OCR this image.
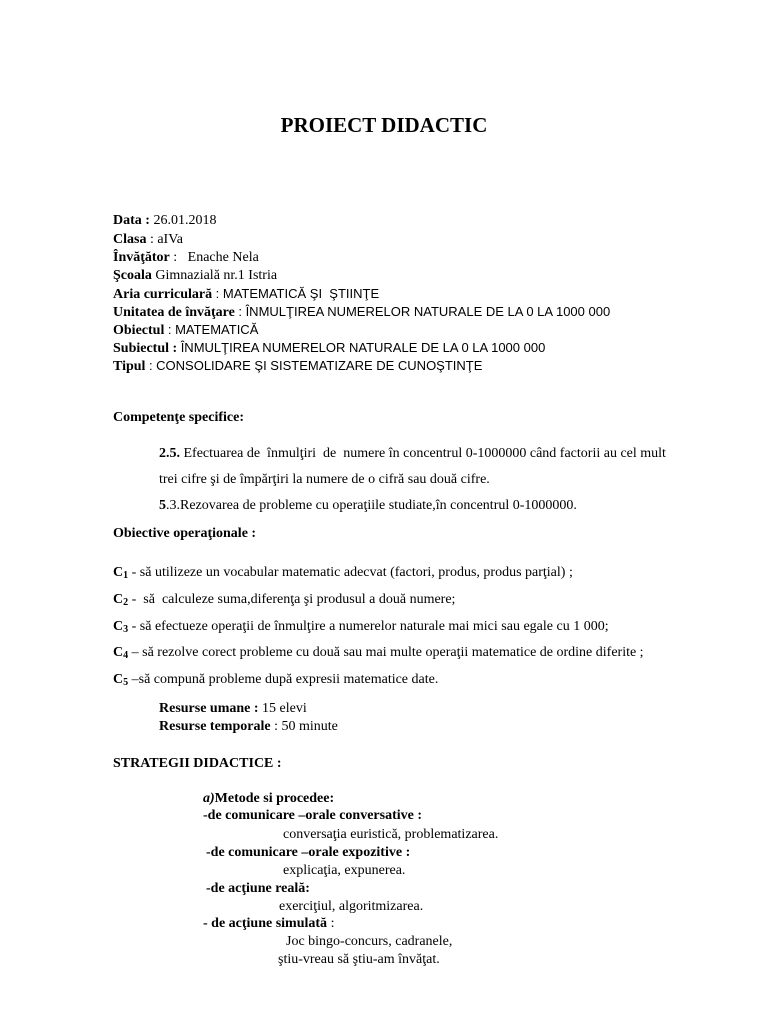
PROIECT DIDACTIC
Data : 26.01.2018
Clasa : aIVa
Învăţător :   Enache Nela
Şcoala Gimnazială nr.1 Istria
Aria curriculară : MATEMATICĂ ŞI  ŞTIINŢE
Unitatea de învăţare : ÎNMULŢIREA NUMERELOR NATURALE DE LA 0 LA 1000 000
Obiectul : MATEMATICĂ
Subiectul : ÎNMULŢIREA NUMERELOR NATURALE DE LA 0 LA 1000 000
Tipul : CONSOLIDARE ŞI SISTEMATIZARE DE CUNOŞTINŢE
Competenţe specifice:
2.5. Efectuarea de  înmulţiri  de  numere în concentrul 0-1000000 când factorii au cel mult
trei cifre şi de împărţiri la numere de o cifră sau două cifre.
5.3.Rezovarea de probleme cu operaţiile studiate,în concentrul 0-1000000.
Obiective operaţionale :
$C_1$ - să utilizeze un vocabular matematic adecvat (factori, produs, produs parţial) ;
$C_2$ -  să  calculeze suma,diferenţa şi produsul a două numere;
$C_3$ - să efectueze operaţii de înmulţire a numerelor naturale mai mici sau egale cu 1 000;
$C_4$ – să rezolve corect probleme cu două sau mai multe operaţii matematice de ordine diferite ;
$C_5$ –să compună probleme după expresii matematice date.
Resurse umane : 15 elevi
Resurse temporale : 50 minute
STRATEGII DIDACTICE :
a)Metode si procedee:
-de comunicare –orale conversative :
conversaţia euristică, problematizarea.
-de comunicare –orale expozitive :
explicaţia, expunerea.
-de acţiune reală:
exerciţiul, algoritmizarea.
- de acţiune simulată :
Joc bingo-concurs, cadranele,
ştiu-vreau să ştiu-am învăţat.
